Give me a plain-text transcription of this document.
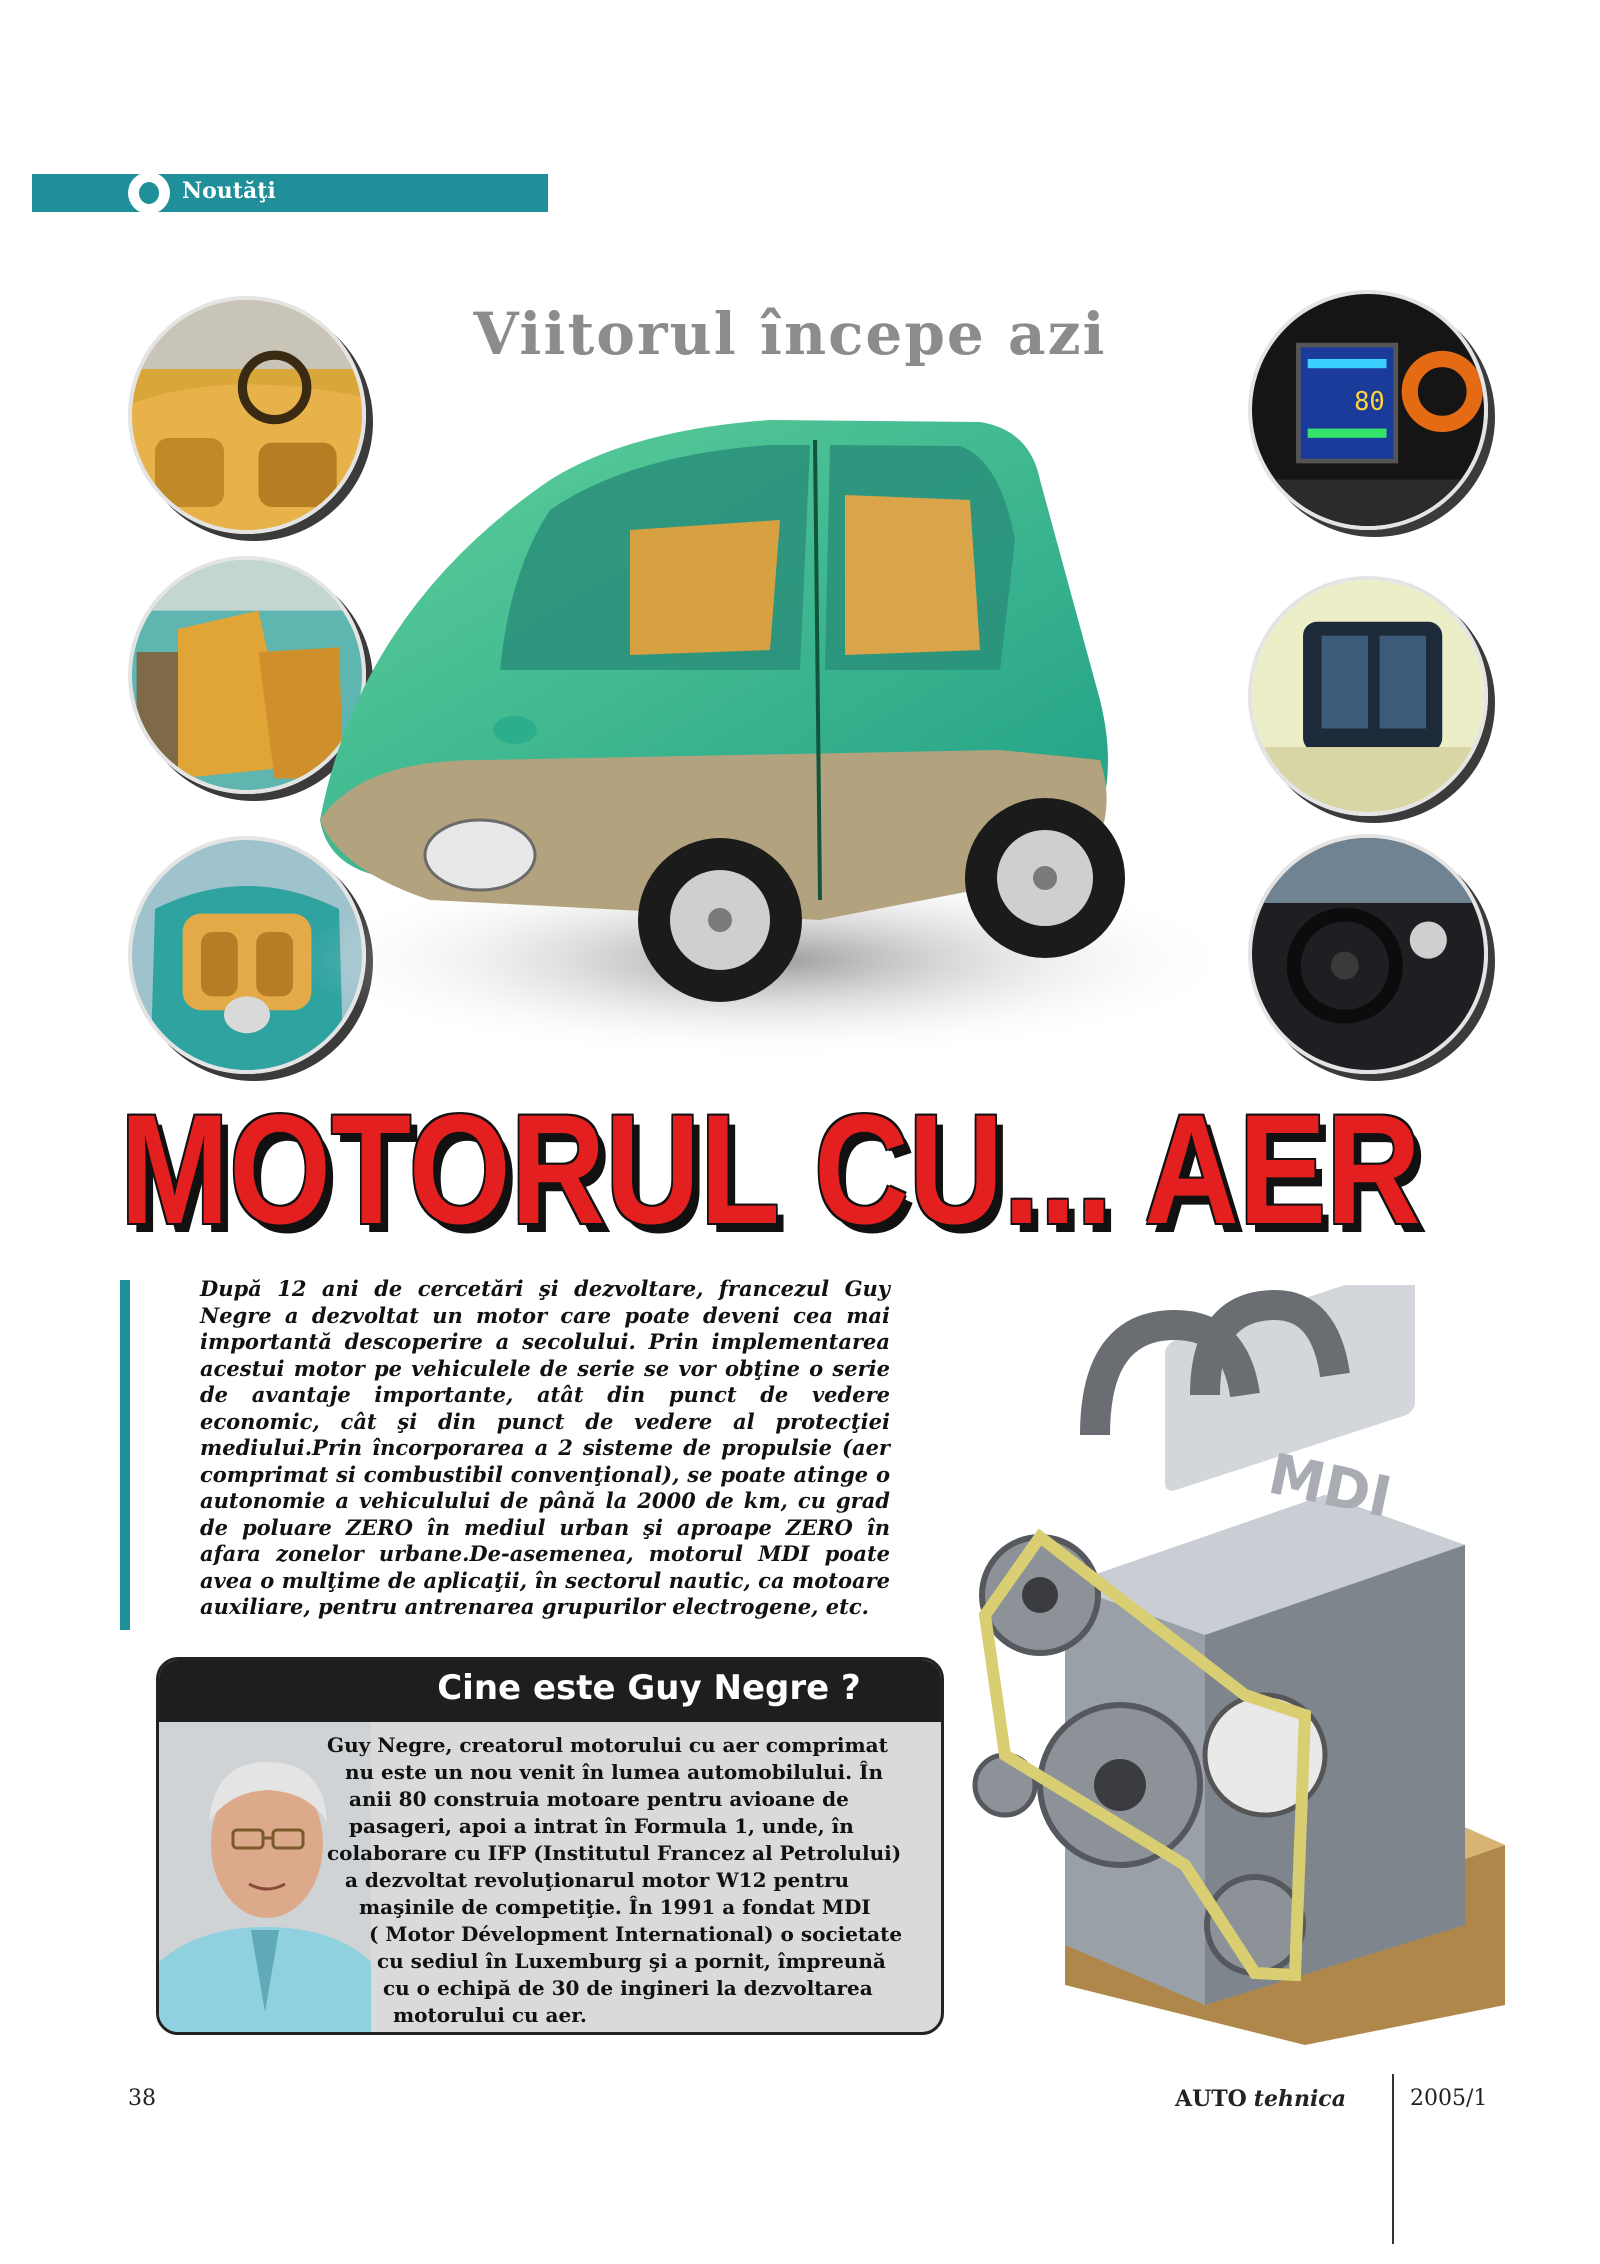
Noutăţi
Viitorul începe azi
80
MOTORUL CU... AER

După 12 ani de cercetări şi dezvoltare, francezul Guy Negre a dezvoltat un motor care poate deveni cea mai importantă descoperire a secolului. Prin implementarea acestui motor pe vehiculele de serie se vor obţine o serie de avantaje importante, atât din punct de vedere economic, cât şi din punct de vedere al protecţiei mediului.Prin încorporarea a 2 sisteme de propulsie (aer comprimat si combustibil convenţional), se poate atinge o autonomie a vehiculului de până la 2000 de km, cu grad de poluare ZERO în mediul urban şi aproape ZERO în afara zonelor urbane.De-asemenea, motorul MDI poate avea o mulţime de aplicaţii, în sectorul nautic, ca motoare auxiliare, pentru antrenarea grupurilor electrogene, etc.

MDI
Cine este Guy Negre ?

Guy Negre, creatorul motorului cu aer comprimat
nu este un nou venit în lumea automobilului. În
anii 80 construia motoare pentru avioane de
pasageri, apoi a intrat în Formula 1, unde, în
colaborare cu IFP (Institutul Francez al Petrolului)
a dezvoltat revoluţionarul motor W12 pentru
maşinile de competiţie. În 1991 a fondat MDI
( Motor Dévelopment International) o societate
cu sediul în Luxemburg şi a pornit, împreună
cu o echipă de 30 de ingineri la dezvoltarea
motorului cu aer.

38	AUTO tehnica	2005/1
